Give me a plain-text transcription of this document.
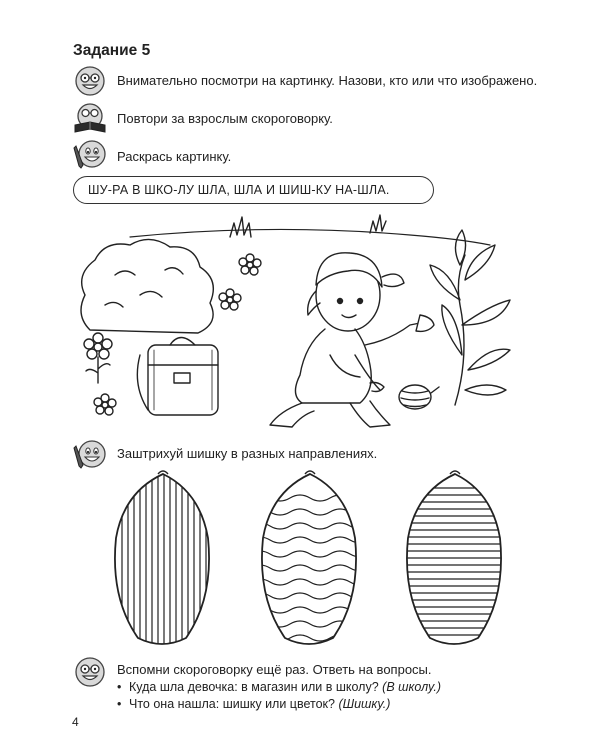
Задание 5
Внимательно посмотри на картинку. Назови, кто или что изображено.
Повтори за взрослым скороговорку.
Раскрась картинку.
ШУ-РА В ШКО-ЛУ ШЛА, ШЛА И ШИШ-КУ НА-ШЛА.
Заштрихуй шишку в разных направлениях.
Вспомни скороговорку ещё раз. Ответь на вопросы.
• Куда шла девочка: в магазин или в школу? (В школу.)
• Что она нашла: шишку или цветок? (Шишку.)
4
